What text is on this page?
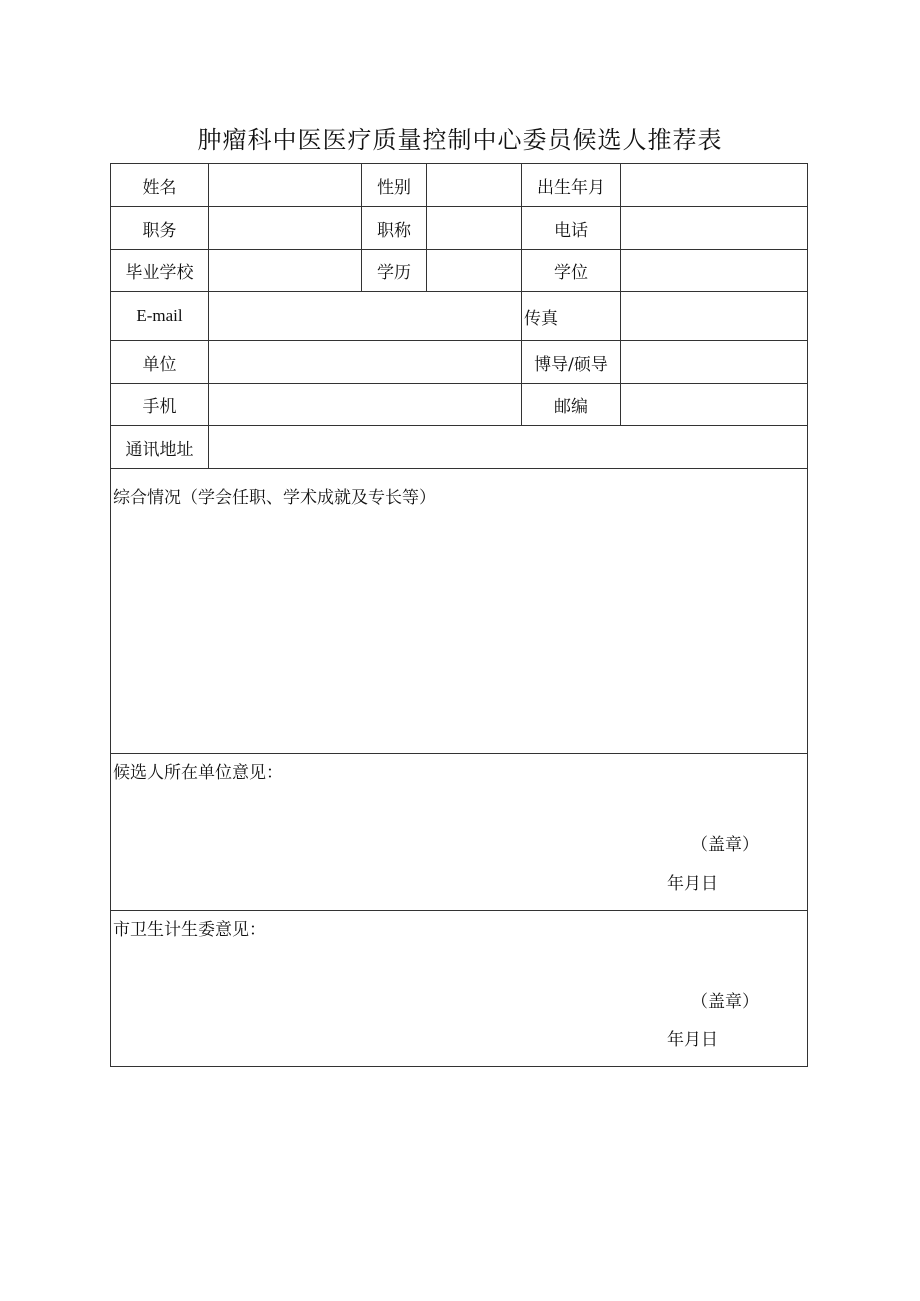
肿瘤科中医医疗质量控制中心委员候选人推荐表
姓名		性别		出生年月	
职务		职称		电话	
毕业学校		学历		学位	
E-mail				传真	
单位				博导/硕导	
手机				邮编	
通讯地址					

综合情况（学会任职、学术成就及专长等）					

候选人所在单位意见：
（盖章）
年月日					

市卫生计生委意见：
（盖章）
年月日					
